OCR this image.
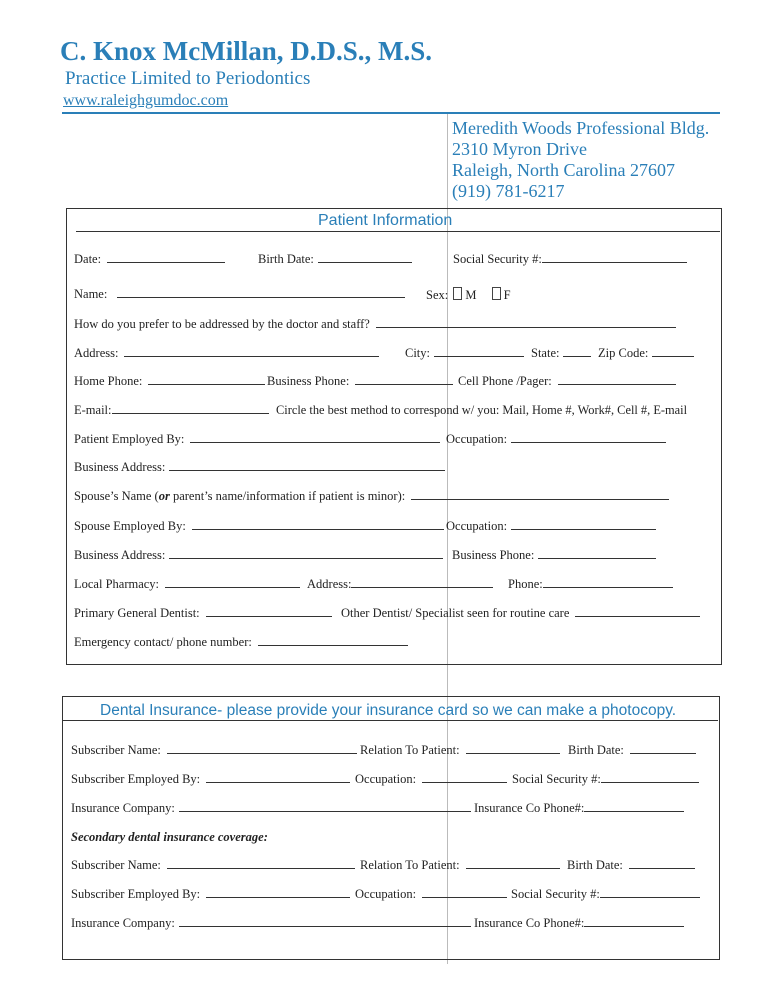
C. Knox McMillan, D.D.S., M.S.
Practice Limited to Periodontics
www.raleighgumdoc.com
Meredith Woods Professional Bldg.
2310 Myron Drive
Raleigh, North Carolina 27607
(919) 781-6217
Patient Information
Date:	Birth Date:	Social Security #:
Name:	Sex: M F
How do you prefer to be addressed by the doctor and staff?
Address:	City:	State:	Zip Code:
Home Phone:	Business Phone:	Cell Phone /Pager:
E-mail:	Circle the best method to correspond w/ you: Mail, Home #, Work#, Cell #, E-mail
Patient Employed By:	Occupation:
Business Address:
Spouse’s Name (or parent’s name/information if patient is minor):
Spouse Employed By:	Occupation:
Business Address:	Business Phone:
Local Pharmacy:	Address:	Phone:
Primary General Dentist:	Other Dentist/ Specialist seen for routine care
Emergency contact/ phone number:
Dental Insurance- please provide your insurance card so we can make a photocopy.
Subscriber Name:	Relation To Patient:	Birth Date:
Subscriber Employed By:	Occupation:	Social Security #:
Insurance Company:	Insurance Co Phone#:
Secondary dental insurance coverage:
Subscriber Name:	Relation To Patient:	Birth Date:
Subscriber Employed By:	Occupation:	Social Security #:
Insurance Company:	Insurance Co Phone#:
